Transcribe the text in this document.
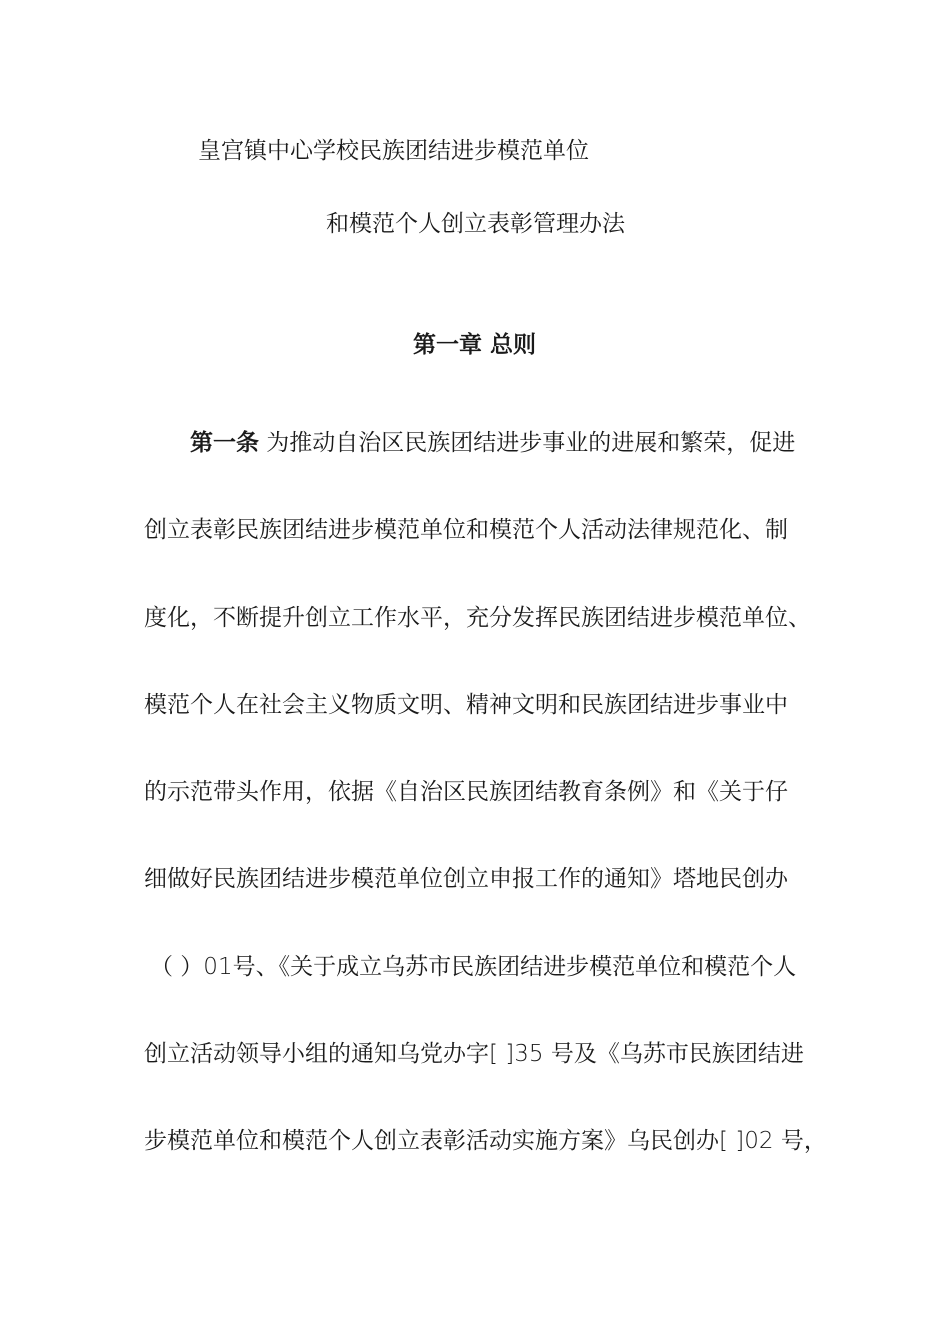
皇宫镇中心学校民族团结进步模范单位
和模范个人创立表彰管理办法
第一章 总则
第一条 为推动自治区民族团结进步事业的进展和繁荣，促进
创立表彰民族团结进步模范单位和模范个人活动法律规范化、制
度化，不断提升创立工作水平，充分发挥民族团结进步模范单位、
模范个人在社会主义物质文明、精神文明和民族团结进步事业中
的示范带头作用，依据《自治区民族团结教育条例》和《关于仔
细做好民族团结进步模范单位创立申报工作的通知》塔地民创办
（ ）01号、《关于成立乌苏市民族团结进步模范单位和模范个人
创立活动领导小组的通知乌党办字[ ]35 号及《乌苏市民族团结进
步模范单位和模范个人创立表彰活动实施方案》乌民创办[ ]02 号，
